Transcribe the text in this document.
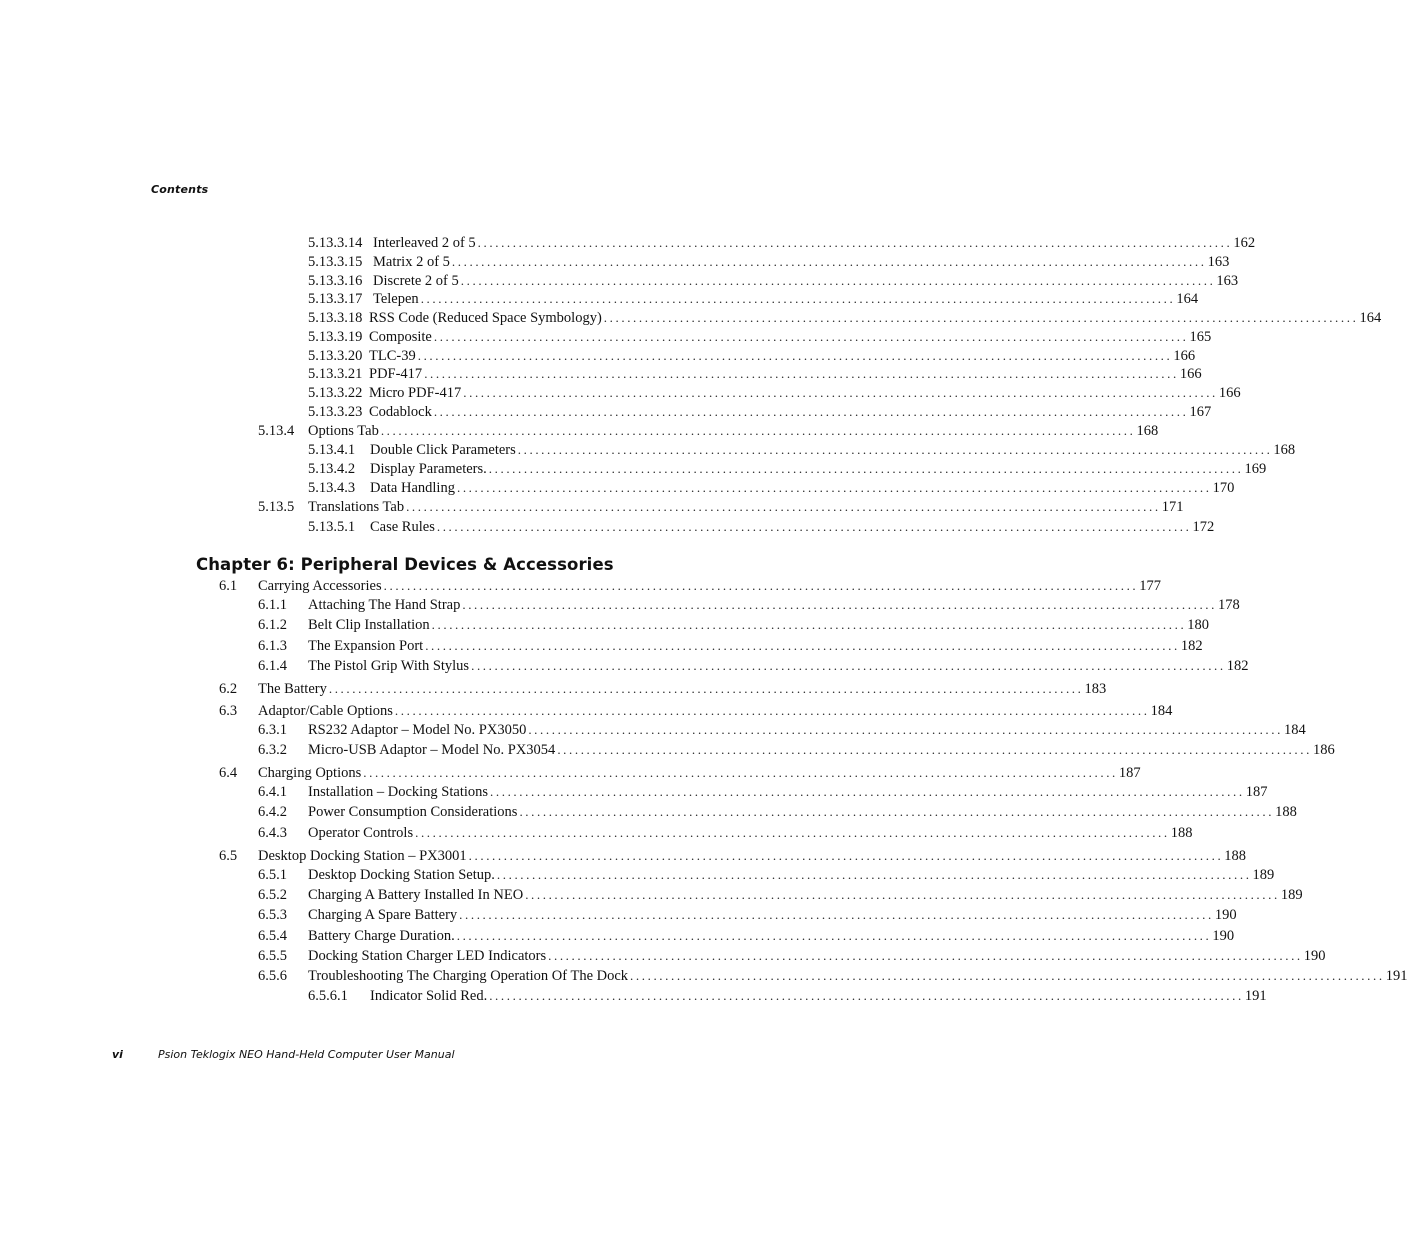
Contents
5.13.3.14 Interleaved 2 of 5 ................................................................................................................................. 162
5.13.3.15 Matrix 2 of 5 ................................................................................................................................. 163
5.13.3.16 Discrete 2 of 5 ................................................................................................................................. 163
5.13.3.17 Telepen ................................................................................................................................. 164
5.13.3.18 RSS Code (Reduced Space Symbology) ................................................................................................................................. 164
5.13.3.19 Composite ................................................................................................................................. 165
5.13.3.20 TLC-39 ................................................................................................................................. 166
5.13.3.21 PDF-417 ................................................................................................................................. 166
5.13.3.22 Micro PDF-417 ................................................................................................................................. 166
5.13.3.23 Codablock ................................................................................................................................. 167
5.13.4 Options Tab ................................................................................................................................. 168
5.13.4.1	Double Click Parameters ................................................................................................................................. 168
5.13.4.2	Display Parameters. ................................................................................................................................. 169
5.13.4.3	Data Handling ................................................................................................................................. 170
5.13.5 Translations Tab ................................................................................................................................. 171
5.13.5.1	Case Rules ................................................................................................................................. 172
Chapter 6: Peripheral Devices & Accessories
6.1	Carrying Accessories ................................................................................................................................. 177
6.1.1	Attaching The Hand Strap ................................................................................................................................. 178
6.1.2	Belt Clip Installation ................................................................................................................................. 180
6.1.3	The Expansion Port ................................................................................................................................. 182
6.1.4	The Pistol Grip With Stylus ................................................................................................................................. 182
6.2	The Battery ................................................................................................................................. 183
6.3	Adaptor/Cable Options ................................................................................................................................. 184
6.3.1	RS232 Adaptor – Model No. PX3050 ................................................................................................................................. 184
6.3.2	Micro-USB Adaptor – Model No. PX3054 ................................................................................................................................. 186
6.4	Charging Options ................................................................................................................................. 187
6.4.1	Installation – Docking Stations ................................................................................................................................. 187
6.4.2	Power Consumption Considerations ................................................................................................................................. 188
6.4.3	Operator Controls ................................................................................................................................. 188
6.5	Desktop Docking Station – PX3001 ................................................................................................................................. 188
6.5.1	Desktop Docking Station Setup. ................................................................................................................................. 189
6.5.2	Charging A Battery Installed In NEO ................................................................................................................................. 189
6.5.3	Charging A Spare Battery ................................................................................................................................. 190
6.5.4	Battery Charge Duration. ................................................................................................................................. 190
6.5.5	Docking Station Charger LED Indicators ................................................................................................................................. 190
6.5.6	Troubleshooting The Charging Operation Of The Dock ................................................................................................................................. 191
6.5.6.1	Indicator Solid Red. ................................................................................................................................. 191
vi	Psion Teklogix NEO Hand-Held Computer User Manual
